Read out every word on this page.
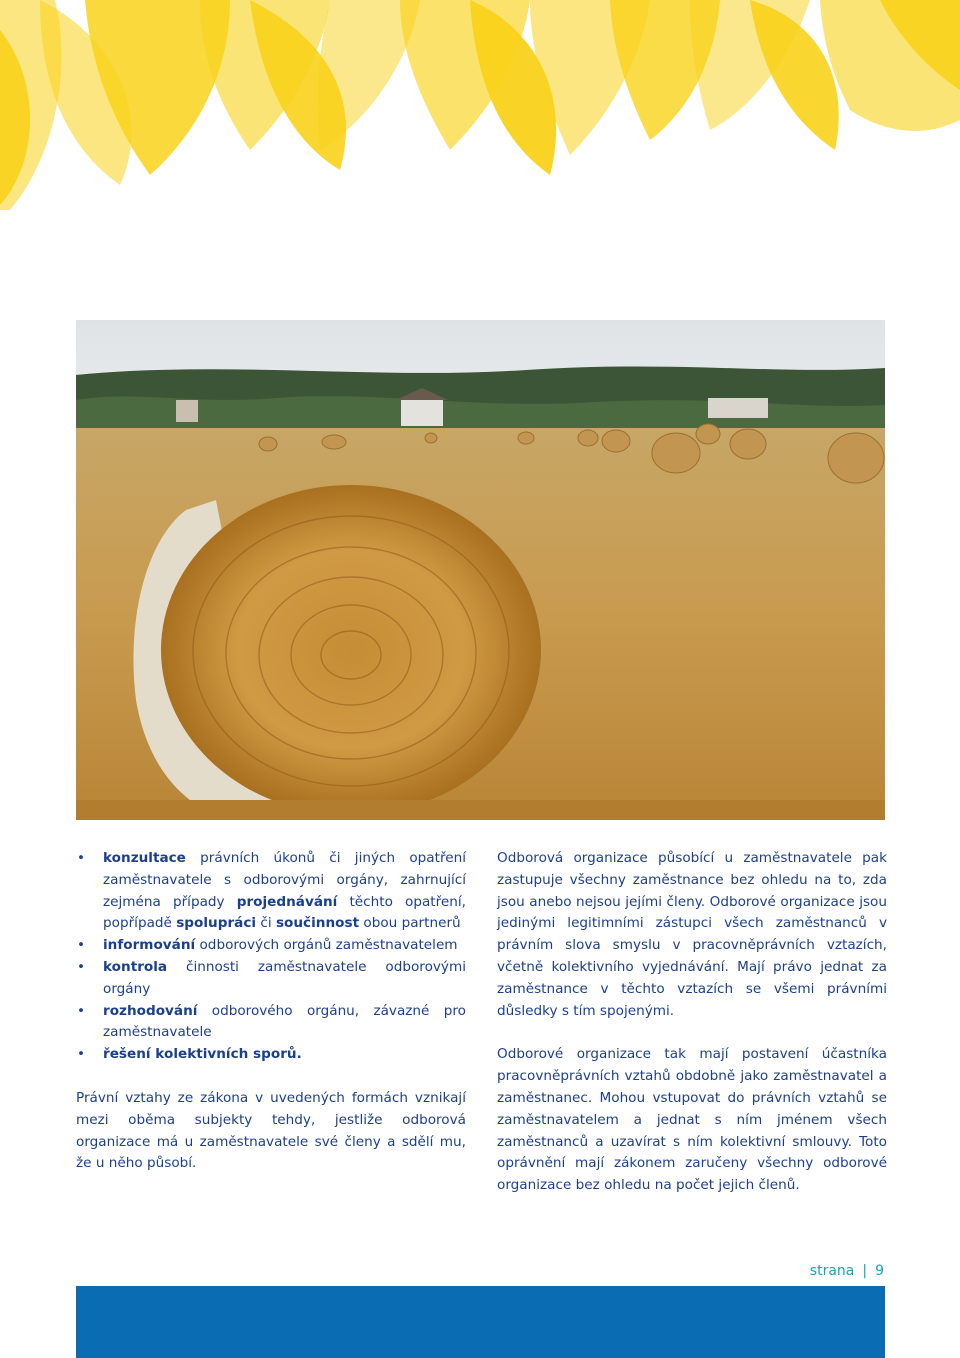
• konzultace právních úkonů či jiných opatření zaměstnavatele s odborovými orgány, zahrnující zejména případy projednávání těchto opatření, popřípadě spolupráci či součinnost obou partnerů
• informování odborových orgánů zaměstnavatelem
• kontrola činnosti zaměstnavatele odborovými orgány
• rozhodování odborového orgánu, závazné pro zaměstnavatele
• řešení kolektivních sporů.

Právní vztahy ze zákona v uvedených formách vznikají mezi oběma subjekty tehdy, jestliže odborová organizace má u zaměstnavatele své členy a sdělí mu, že u něho působí.

Odborová organizace působící u zaměstnavatele pak zastupuje všechny zaměstnance bez ohledu na to, zda jsou anebo nejsou jejími členy. Odborové organizace jsou jedinými legitimními zástupci všech zaměstnanců v právním slova smyslu v pracovněprávních vztazích, včetně kolektivního vyjednávání. Mají právo jednat za zaměstnance v těchto vztazích se všemi právními důsledky s tím spojenými.

Odborové organizace tak mají postavení účastníka pracovněprávních vztahů obdobně jako zaměstnavatel a zaměstnanec. Mohou vstupovat do právních vztahů se zaměstnavatelem a jednat s ním jménem všech zaměstnanců a uzavírat s ním kolektivní smlouvy. Toto oprávnění mají zákonem zaručeny všechny odborové organizace bez ohledu na počet jejich členů.

strana | 9
